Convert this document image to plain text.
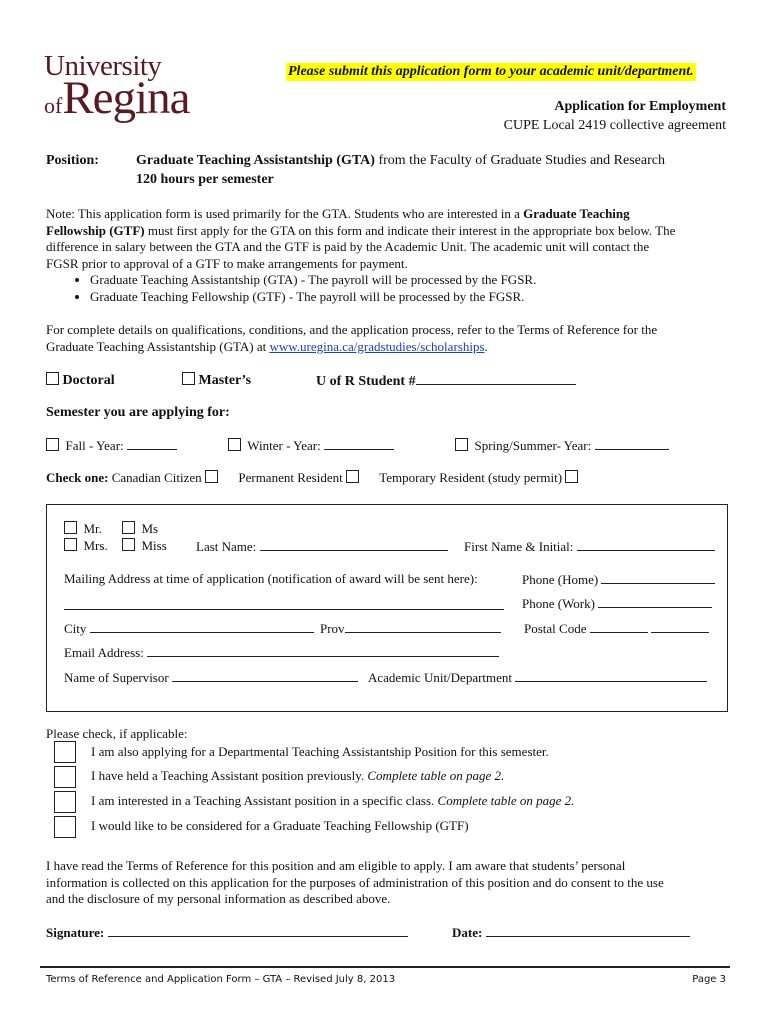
University
ofRegina
Please submit this application form to your academic unit/department.
Application for Employment
CUPE Local 2419 collective agreement
Position:	Graduate Teaching Assistantship (GTA) from the Faculty of Graduate Studies and Research
120 hours per semester

Note: This application form is used primarily for the GTA. Students who are interested in a Graduate Teaching

Fellowship (GTF) must first apply for the GTA on this form and indicate their interest in the appropriate box below. The

difference in salary between the GTA and the GTF is paid by the Academic Unit. The academic unit will contact the

FGSR prior to approval of a GTF to make arrangements for payment.

• Graduate Teaching Assistantship (GTA) - The payroll will be processed by the FGSR.
• Graduate Teaching Fellowship (GTF) - The payroll will be processed by the FGSR.

For complete details on qualifications, conditions, and the application process, refer to the Terms of Reference for the

Graduate Teaching Assistantship (GTA) at www.uregina.ca/gradstudies/scholarships.

Doctoral	Master’s	U of R Student #
Semester you are applying for:
Fall - Year:	Winter - Year:	Spring/Summer- Year:
Check one: Canadian Citizen	Permanent Resident	Temporary Resident (study permit)
Mr.	Ms
Mrs.	Miss Last Name:	First Name & Initial:
Mailing Address at time of application (notification of award will be sent here):	Phone (Home)
Phone (Work)
City	Prov	Postal Code
Email Address:
Name of Supervisor	Academic Unit/Department
Please check, if applicable:
I am also applying for a Departmental Teaching Assistantship Position for this semester.
I have held a Teaching Assistant position previously. Complete table on page 2.
I am interested in a Teaching Assistant position in a specific class. Complete table on page 2.
I would like to be considered for a Graduate Teaching Fellowship (GTF)

I have read the Terms of Reference for this position and am eligible to apply. I am aware that students’ personal

information is collected on this application for the purposes of administration of this position and do consent to the use

and the disclosure of my personal information as described above.

Signature:	Date:
Terms of Reference and Application Form – GTA – Revised July 8, 2013	Page 3
